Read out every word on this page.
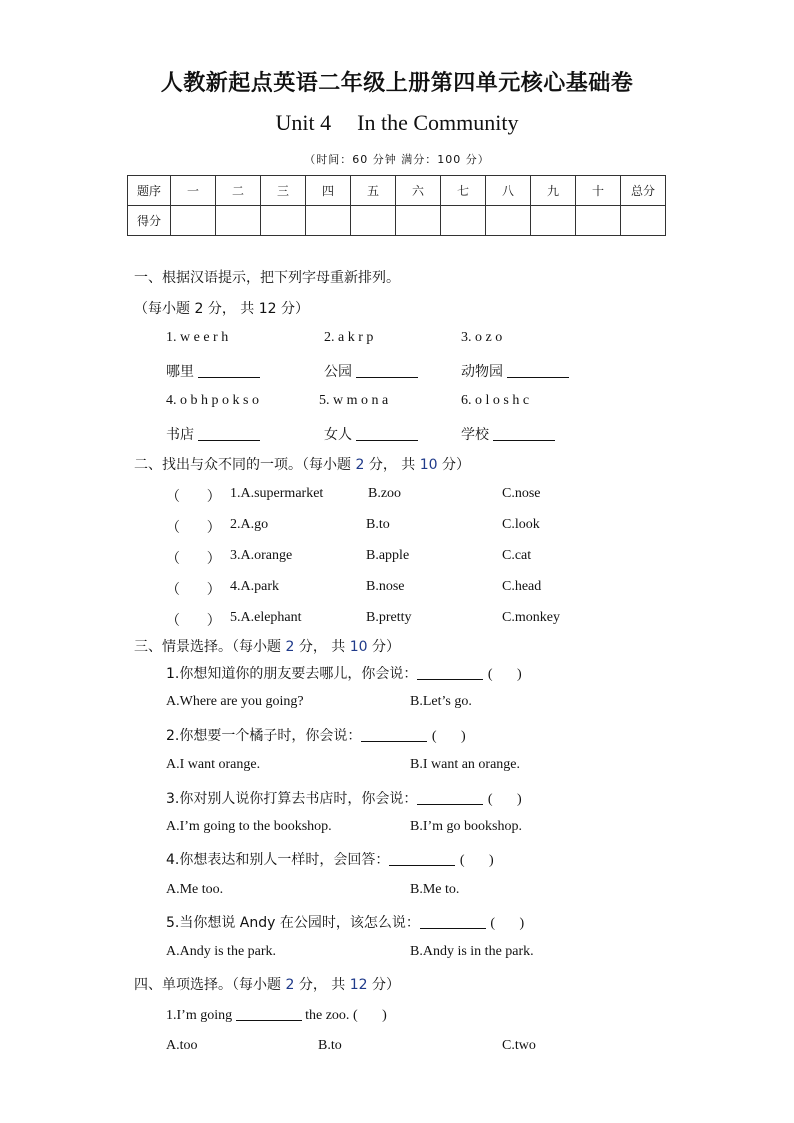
人教新起点英语二年级上册第四单元核心基础卷
Unit 4 In the Community
（时间：60 分钟 满分：100 分）
题序	一	二	三	四	五	六	七	八	九	十	总分
得分											
一、根据汉语提示，把下列字母重新排列。
（每小题 2 分， 共 12 分）
1. w e e r h	2. a k r p	3. o z o
哪里	公园	动物园
4. o b h p o k s o	5. w m o n a	6. o l o s h c
书店	女人	学校
二、找出与众不同的一项。（每小题 2 分， 共 10 分）
（      ） 1.A.supermarket	B.zoo	C.nose
（      ） 2.A.go	B.to	C.look
（      ） 3.A.orange	B.apple	C.cat
（      ） 4.A.park	B.nose	C.head
（      ） 5.A.elephant	B.pretty	C.monkey
三、情景选择。（每小题 2 分， 共 10 分）
1.你想知道你的朋友要去哪儿，你会说：	(       )
A.Where are you going?	B.Let’s go.
2.你想要一个橘子时，你会说：	(       )
A.I want orange.	B.I want an orange.
3.你对别人说你打算去书店时，你会说：	(       )
A.I’m going to the bookshop.	B.I’m go bookshop.
4.你想表达和别人一样时，会回答：	(       )
A.Me too.	B.Me to.
5.当你想说 Andy 在公园时，该怎么说：	(       )
A.Andy is the park.	B.Andy is in the park.
四、单项选择。（每小题 2 分， 共 12 分）
1.I’m going	the zoo. (       )
A.too	B.to	C.two
